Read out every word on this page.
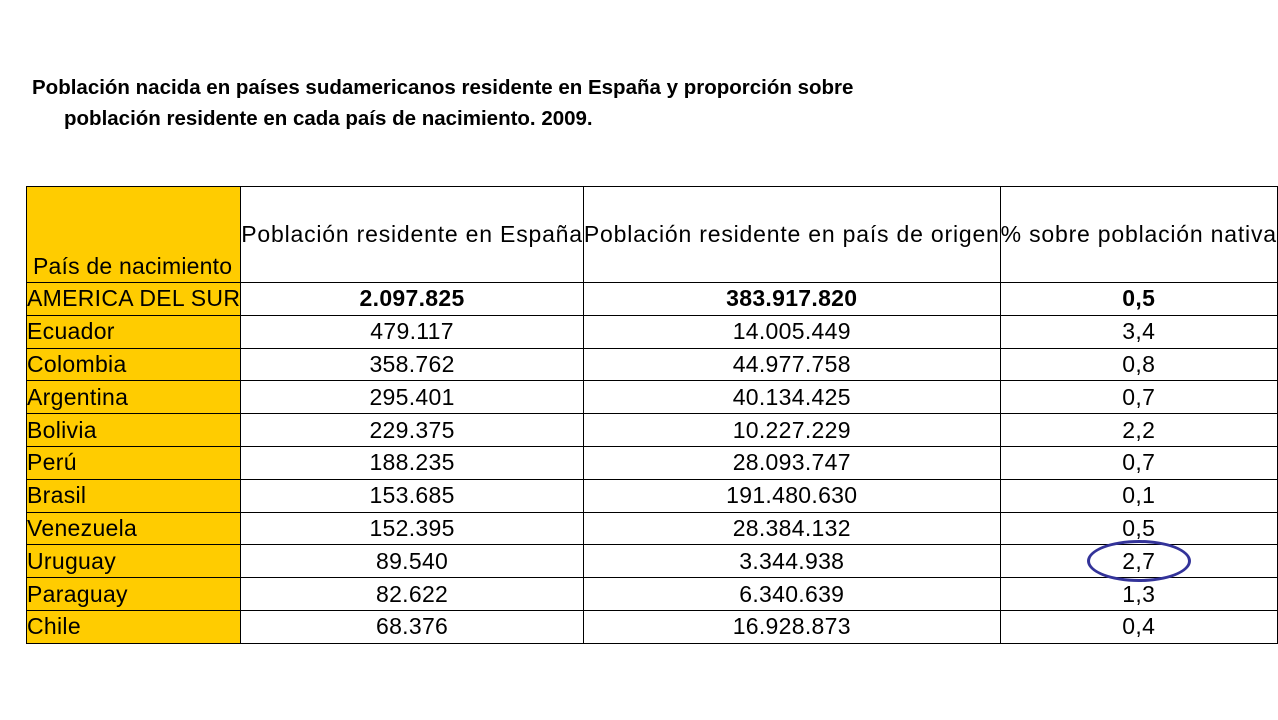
Población nacida en países sudamericanos residente en España y proporción sobre población residente en cada país de nacimiento. 2009.

País de nacimiento	Población residente en España	Población residente en país de origen	% sobre población nativa
AMERICA DEL SUR	2.097.825	383.917.820	0,5
Ecuador	479.117	14.005.449	3,4
Colombia	358.762	44.977.758	0,8
Argentina	295.401	40.134.425	0,7
Bolivia	229.375	10.227.229	2,2
Perú	188.235	28.093.747	0,7
Brasil	153.685	191.480.630	0,1
Venezuela	152.395	28.384.132	0,5
Uruguay	89.540	3.344.938	2,7

Paraguay	82.622	6.340.639	1,3
Chile	68.376	16.928.873	0,4
